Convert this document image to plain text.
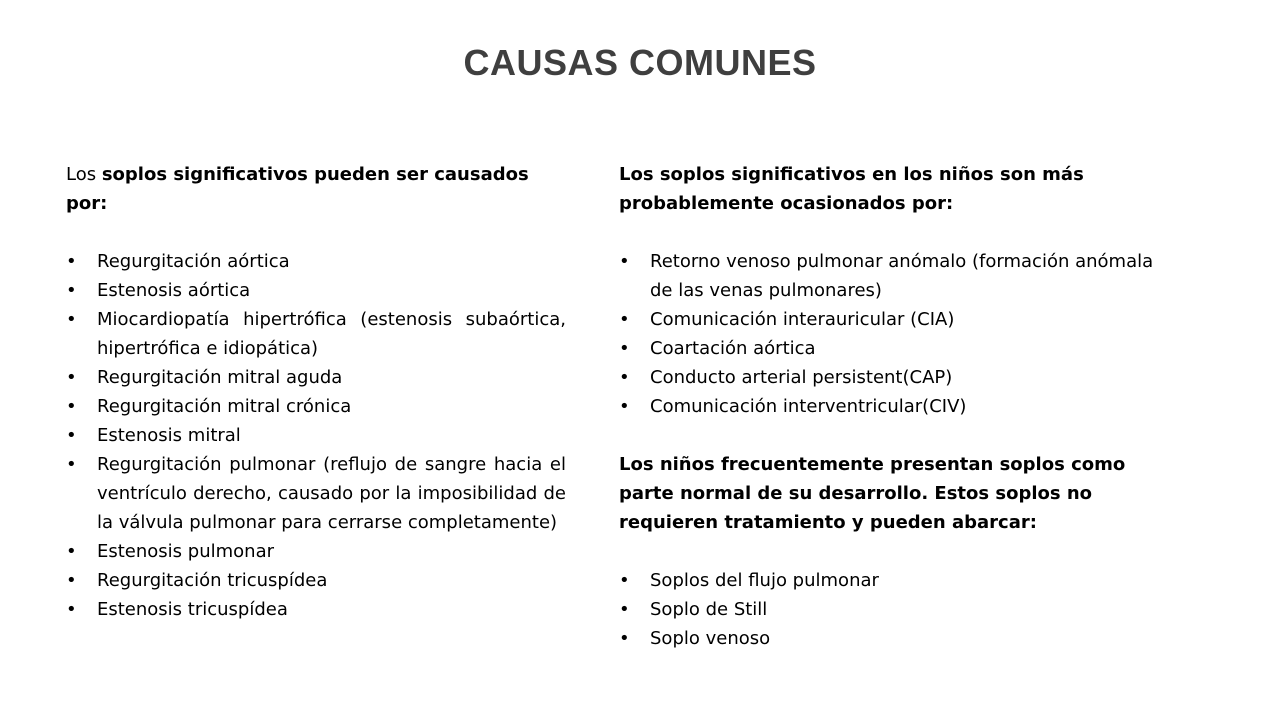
CAUSAS COMUNES

Los soplos significativos pueden ser causados por:

• Regurgitación aórtica
• Estenosis aórtica
• Miocardiopatía hipertrófica (estenosis subaórtica, hipertrófica e idiopática)
• Regurgitación mitral aguda
• Regurgitación mitral crónica
• Estenosis mitral
• Regurgitación pulmonar (reflujo de sangre hacia el ventrículo derecho, causado por la imposibilidad de la válvula pulmonar para cerrarse completamente)
• Estenosis pulmonar
• Regurgitación tricuspídea
• Estenosis tricuspídea

Los soplos significativos en los niños son más probablemente ocasionados por:

• Retorno venoso pulmonar anómalo (formación anómala de las venas pulmonares)
• Comunicación interauricular (CIA)
• Coartación aórtica
• Conducto arterial persistent(CAP)
• Comunicación interventricular(CIV)

Los niños frecuentemente presentan soplos como parte normal de su desarrollo. Estos soplos no requieren tratamiento y pueden abarcar:

• Soplos del flujo pulmonar
• Soplo de Still
• Soplo venoso
